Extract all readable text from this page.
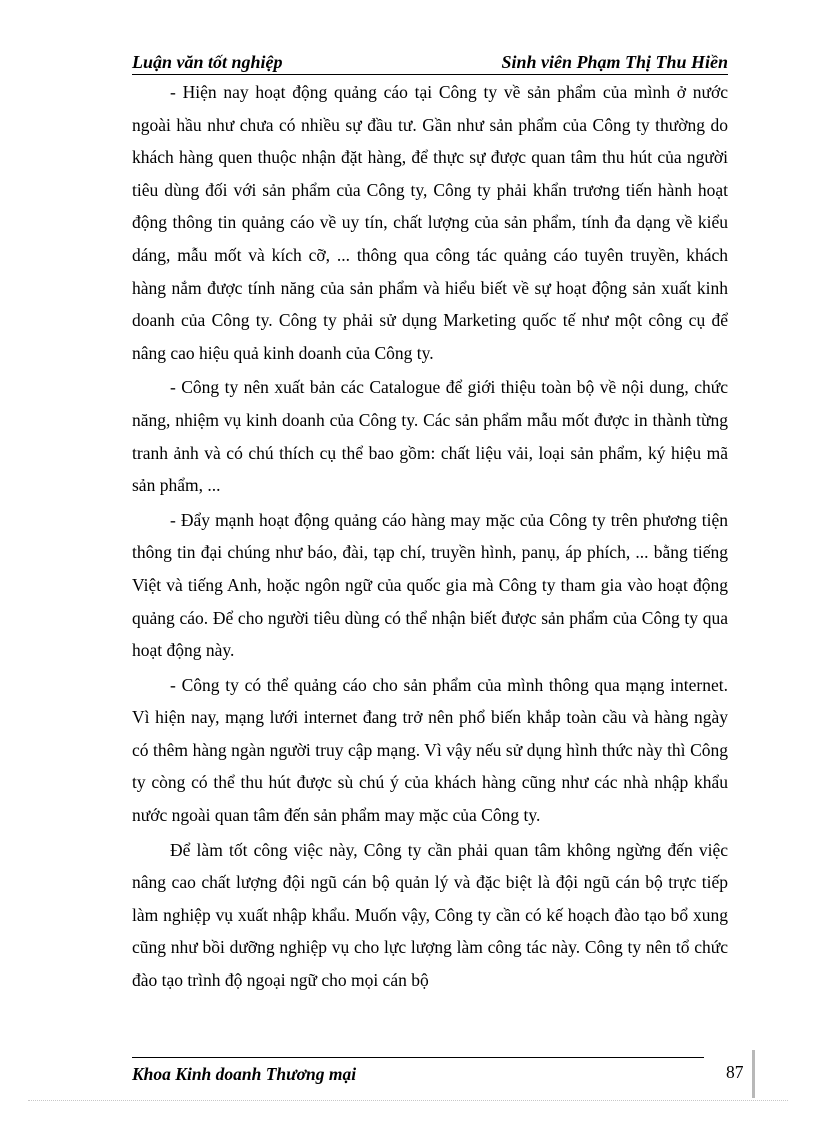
Luận văn tốt nghiệp	Sinh viên Phạm Thị Thu Hiền

- Hiện nay hoạt động quảng cáo tại Công ty về sản phẩm của mình ở nước ngoài hầu như chưa có nhiều sự đầu tư. Gần như sản phẩm của Công ty thường do khách hàng quen thuộc nhận đặt hàng, để thực sự được quan tâm thu hút của người tiêu dùng đối với sản phẩm của Công ty, Công ty phải khẩn trương tiến hành hoạt động thông tin quảng cáo về uy tín, chất lượng của sản phẩm, tính đa dạng về kiểu dáng, mẫu mốt và kích cỡ, ... thông qua công tác quảng cáo tuyên truyền, khách hàng nắm được tính năng của sản phẩm và hiểu biết về sự hoạt động sản xuất kinh doanh của Công ty. Công ty phải sử dụng Marketing quốc tế như một công cụ để nâng cao hiệu quả kinh doanh của Công ty.

- Công ty nên xuất bản các Catalogue để giới thiệu toàn bộ về nội dung, chức năng, nhiệm vụ kinh doanh của Công ty. Các sản phẩm mẫu mốt được in thành từng tranh ảnh và có chú thích cụ thể bao gồm: chất liệu vải, loại sản phẩm, ký hiệu mã sản phẩm, ...

- Đẩy mạnh hoạt động quảng cáo hàng may mặc của Công ty trên phương tiện thông tin đại chúng như báo, đài, tạp chí, truyền hình, panụ, áp phích, ... bằng tiếng Việt và tiếng Anh, hoặc ngôn ngữ của quốc gia mà Công ty tham gia vào hoạt động quảng cáo. Để cho người tiêu dùng có thể nhận biết được sản phẩm của Công ty qua hoạt động này.

- Công ty có thể quảng cáo cho sản phẩm của mình thông qua mạng internet. Vì hiện nay, mạng lưới internet đang trở nên phổ biến khắp toàn cầu và hàng ngày có thêm hàng ngàn người truy cập mạng. Vì vậy nếu sử dụng hình thức này thì Công ty còng có thể thu hút được sù chú ý của khách hàng cũng như các nhà nhập khẩu nước ngoài quan tâm đến sản phẩm may mặc của Công ty.

Để làm tốt công việc này, Công ty cần phải quan tâm không ngừng đến việc nâng cao chất lượng đội ngũ cán bộ quản lý và đặc biệt là đội ngũ cán bộ trực tiếp làm nghiệp vụ xuất nhập khẩu. Muốn vậy, Công ty cần có kế hoạch đào tạo bổ xung cũng như bồi dưỡng nghiệp vụ cho lực lượng làm công tác này. Công ty nên tổ chức đào tạo trình độ ngoại ngữ cho mọi cán bộ

Khoa Kinh doanh Thương mại	87
